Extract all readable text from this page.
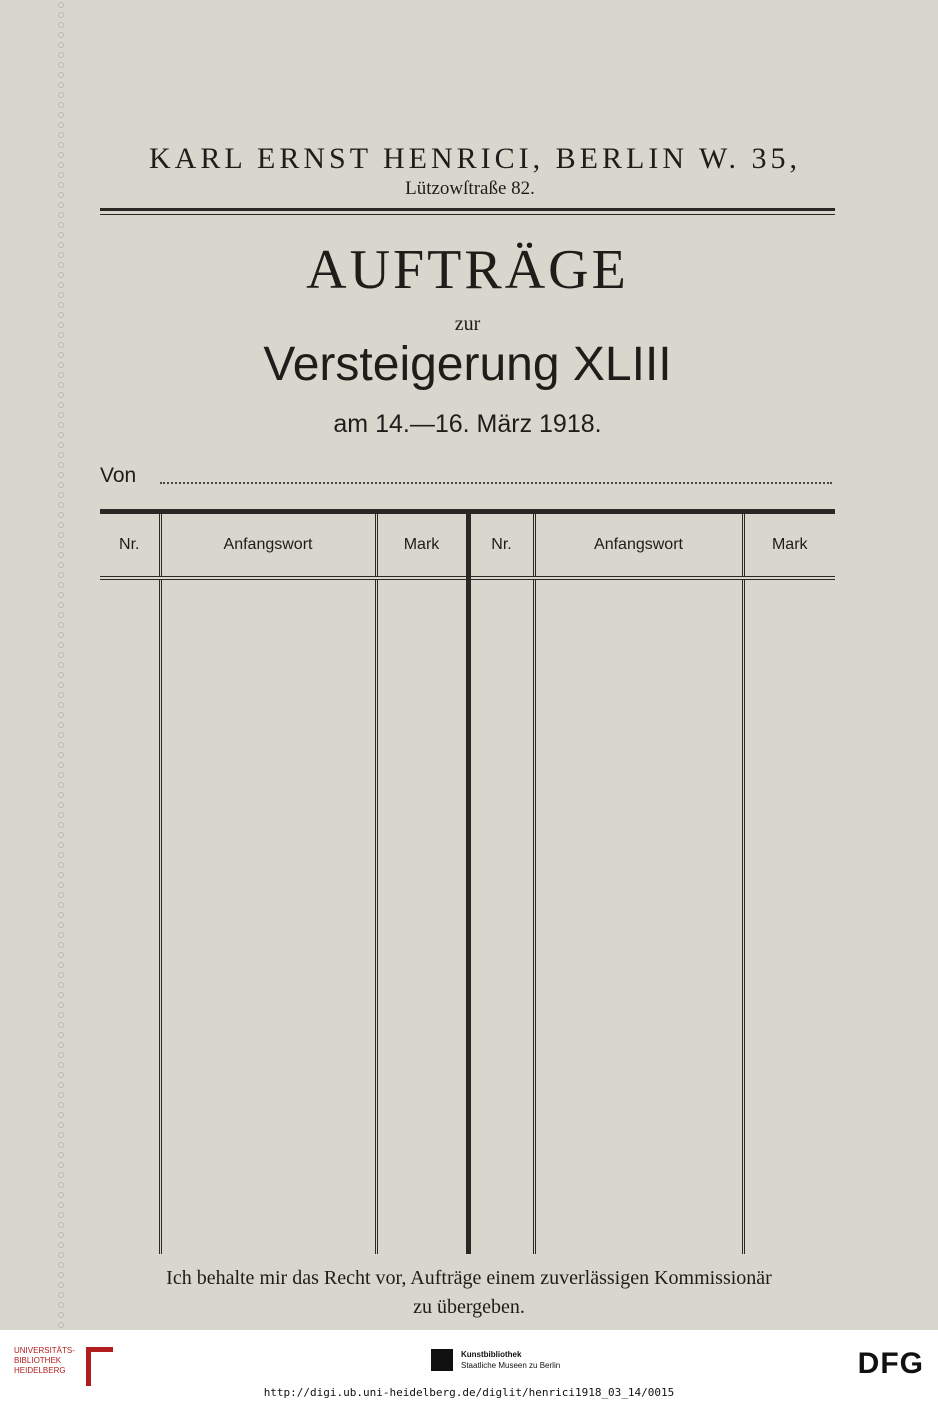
KARL ERNST HENRICI, BERLIN W. 35,
Lützowſtraße 82.
AUFTRÄGE
zur
Versteigerung XLIII
am 14.—16. März 1918.
Von
Nr.	Anfangswort	Mark	Nr.	Anfangswort	Mark

Ich behalte mir das Recht vor, Aufträge einem zuverlässigen Kommissionär
zu übergeben.
UNIVERSITÄTS- BIBLIOTHEK HEIDELBERG
Kunstbibliothek
Staatliche Museen zu Berlin	DFG
http://digi.ub.uni-heidelberg.de/diglit/henrici1918_03_14/0015
